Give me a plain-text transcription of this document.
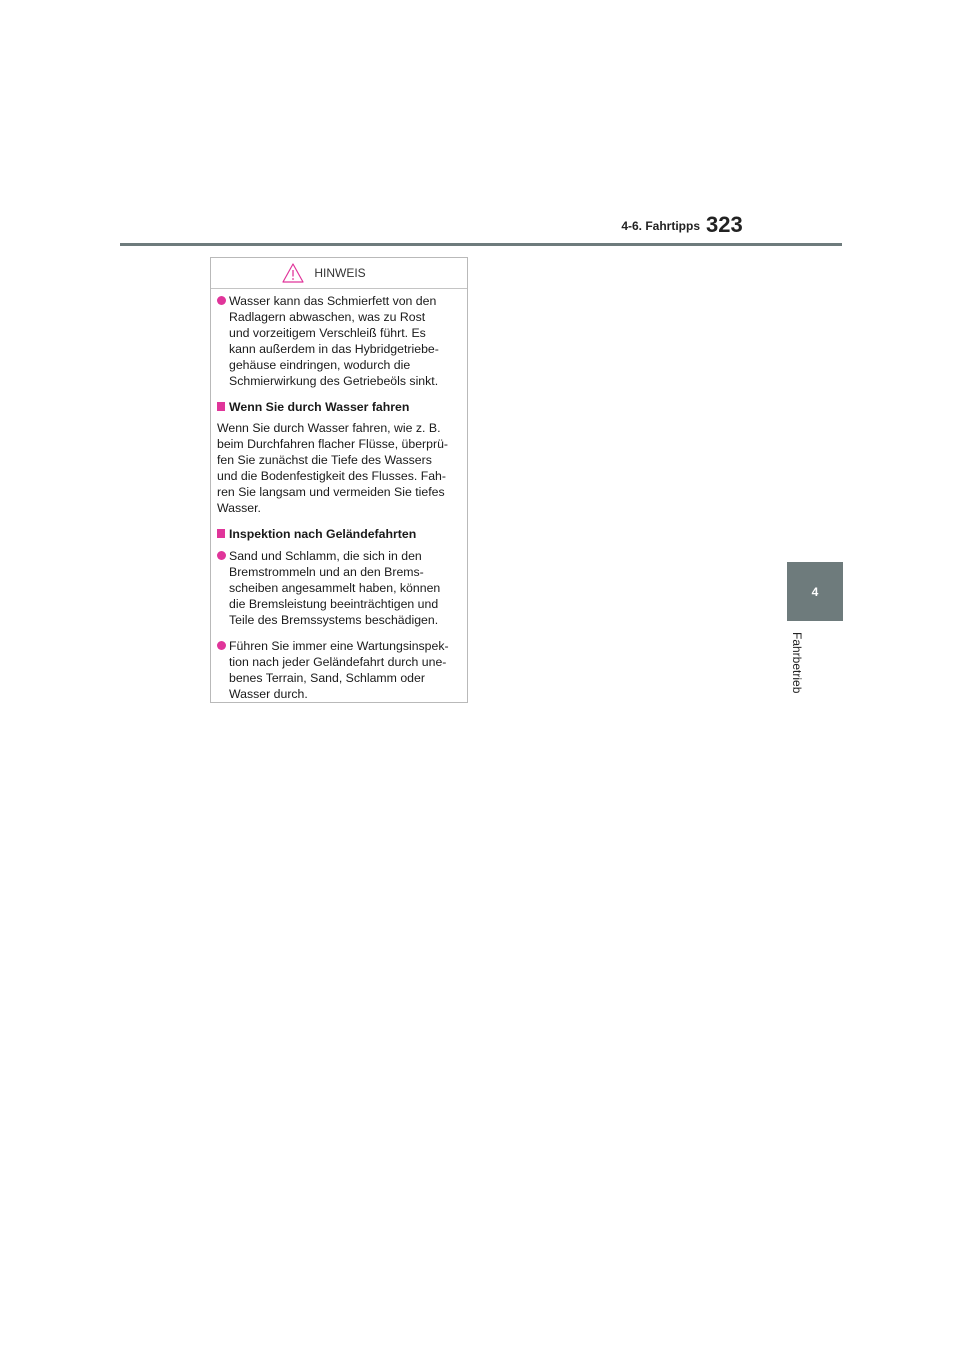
4-6. Fahrtipps 323
4
Fahrbetrieb
HINWEIS
Wasser kann das Schmierfett von den
Radlagern abwaschen, was zu Rost
und vorzeitigem Verschleiß führt. Es
kann außerdem in das Hybridgetriebe-
gehäuse eindringen, wodurch die
Schmierwirkung des Getriebeöls sinkt.
Wenn Sie durch Wasser fahren
Wenn Sie durch Wasser fahren, wie z. B.
beim Durchfahren flacher Flüsse, überprü-
fen Sie zunächst die Tiefe des Wassers
und die Bodenfestigkeit des Flusses. Fah-
ren Sie langsam und vermeiden Sie tiefes
Wasser.
Inspektion nach Geländefahrten
Sand und Schlamm, die sich in den
Bremstrommeln und an den Brems-
scheiben angesammelt haben, können
die Bremsleistung beeinträchtigen und
Teile des Bremssystems beschädigen.
Führen Sie immer eine Wartungsinspek-
tion nach jeder Geländefahrt durch une-
benes Terrain, Sand, Schlamm oder
Wasser durch.
